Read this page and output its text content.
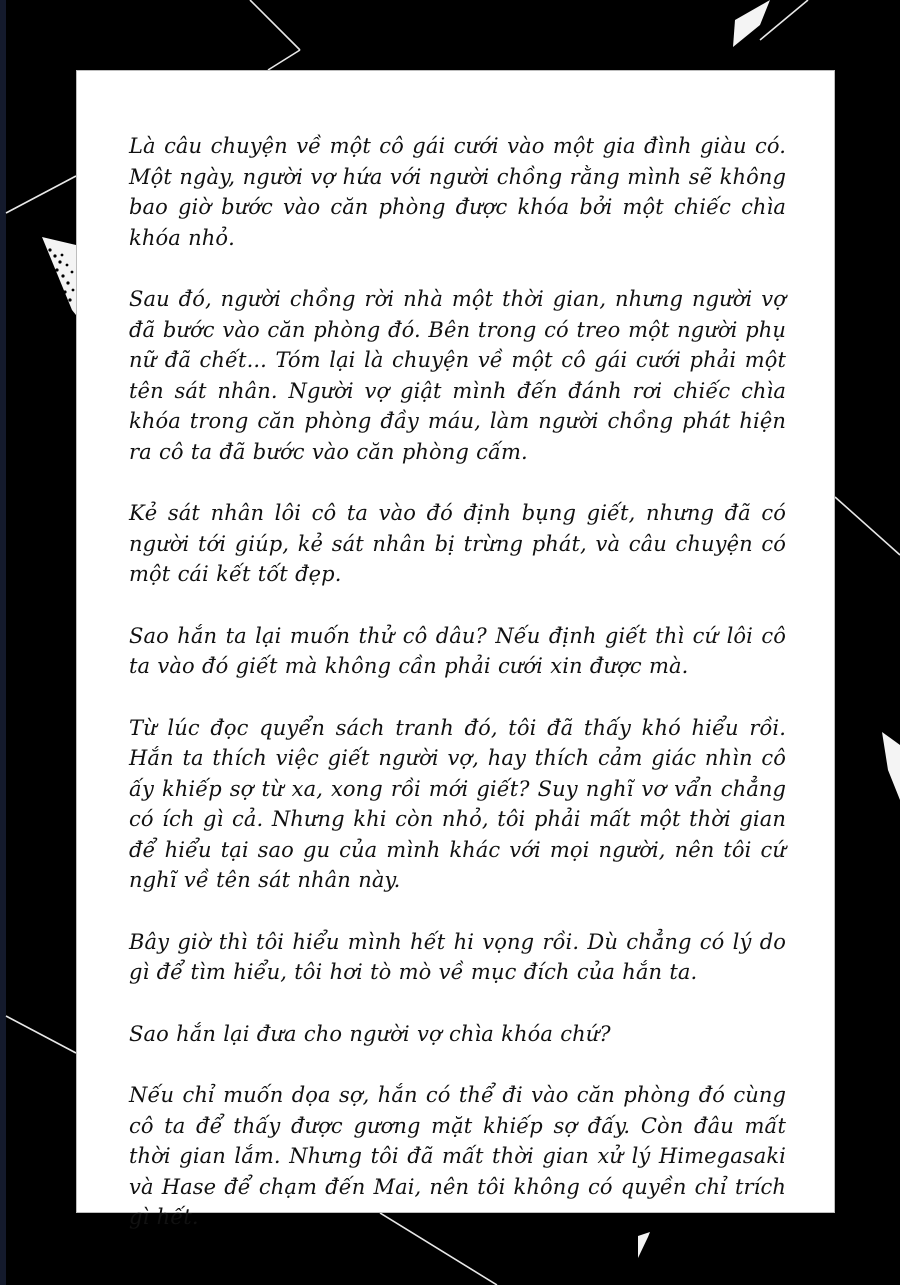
Là câu chuyện về một cô gái cưới vào một gia đình giàu có. Một ngày, người vợ hứa với người chồng rằng mình sẽ không bao giờ bước vào căn phòng được khóa bởi một chiếc chìa khóa nhỏ.

Sau đó, người chồng rời nhà một thời gian, nhưng người vợ đã bước vào căn phòng đó. Bên trong có treo một người phụ nữ đã chết... Tóm lại là chuyện về một cô gái cưới phải một tên sát nhân. Người vợ giật mình đến đánh rơi chiếc chìa khóa trong căn phòng đầy máu, làm người chồng phát hiện ra cô ta đã bước vào căn phòng cấm.

Kẻ sát nhân lôi cô ta vào đó định bụng giết, nhưng đã có người tới giúp, kẻ sát nhân bị trừng phát, và câu chuyện có một cái kết tốt đẹp.

Sao hắn ta lại muốn thử cô dâu? Nếu định giết thì cứ lôi cô ta vào đó giết mà không cần phải cưới xin được mà.

Từ lúc đọc quyển sách tranh đó, tôi đã thấy khó hiểu rồi. Hắn ta thích việc giết người vợ, hay thích cảm giác nhìn cô ấy khiếp sợ từ xa, xong rồi mới giết? Suy nghĩ vơ vẩn chẳng có ích gì cả. Nhưng khi còn nhỏ, tôi phải mất một thời gian để hiểu tại sao gu của mình khác với mọi người, nên tôi cứ nghĩ về tên sát nhân này.

Bây giờ thì tôi hiểu mình hết hi vọng rồi. Dù chẳng có lý do gì để tìm hiểu, tôi hơi tò mò về mục đích của hắn ta.

Sao hắn lại đưa cho người vợ chìa khóa chứ?

Nếu chỉ muốn dọa sợ, hắn có thể đi vào căn phòng đó cùng cô ta để thấy được gương mặt khiếp sợ đấy. Còn đâu mất thời gian lắm. Nhưng tôi đã mất thời gian xử lý Himegasaki và Hase để chạm đến Mai, nên tôi không có quyền chỉ trích gì hết.
